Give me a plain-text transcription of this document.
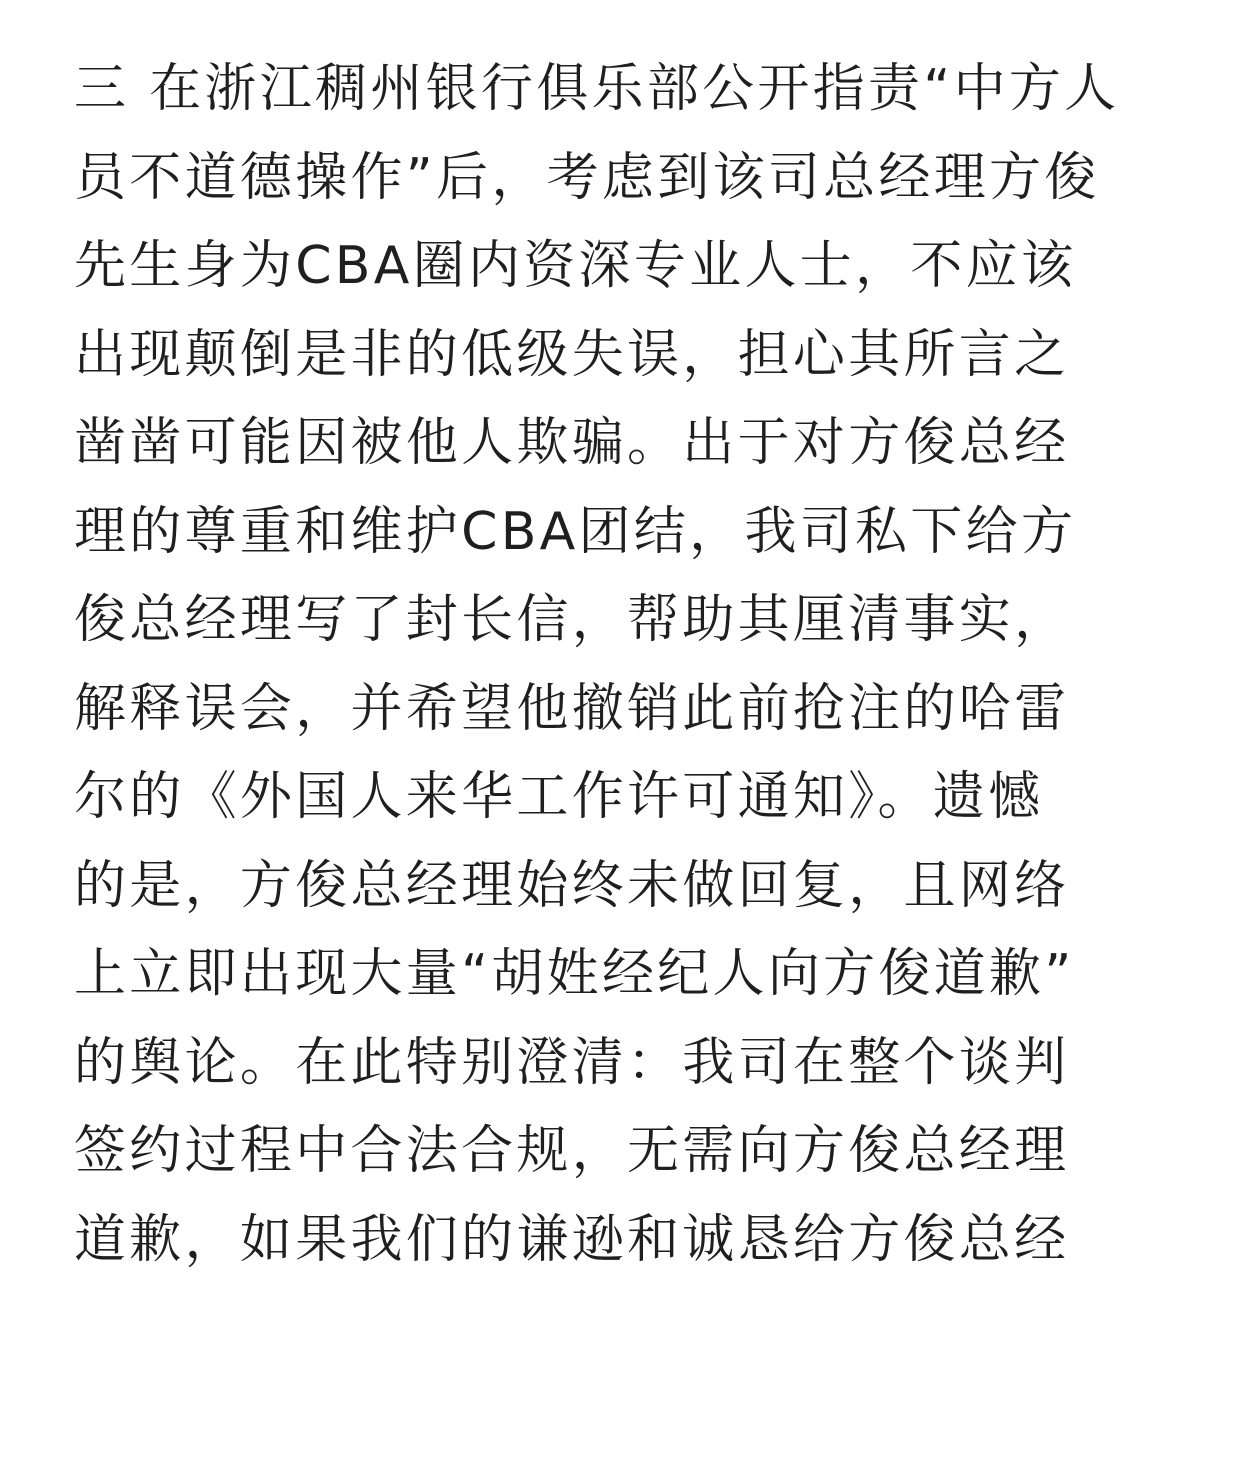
三 在浙江稠州银行俱乐部公开指责“中方人
员不道德操作”后，考虑到该司总经理方俊
先生身为CBA圈内资深专业人士，不应该
出现颠倒是非的低级失误，担心其所言之
凿凿可能因被他人欺骗。出于对方俊总经
理的尊重和维护CBA团结，我司私下给方
俊总经理写了封长信，帮助其厘清事实，
解释误会，并希望他撤销此前抢注的哈雷
尔的《外国人来华工作许可通知》。遗憾
的是，方俊总经理始终未做回复，且网络
上立即出现大量“胡姓经纪人向方俊道歉”
的舆论。在此特别澄清：我司在整个谈判
签约过程中合法合规，无需向方俊总经理
道歉，如果我们的谦逊和诚恳给方俊总经
